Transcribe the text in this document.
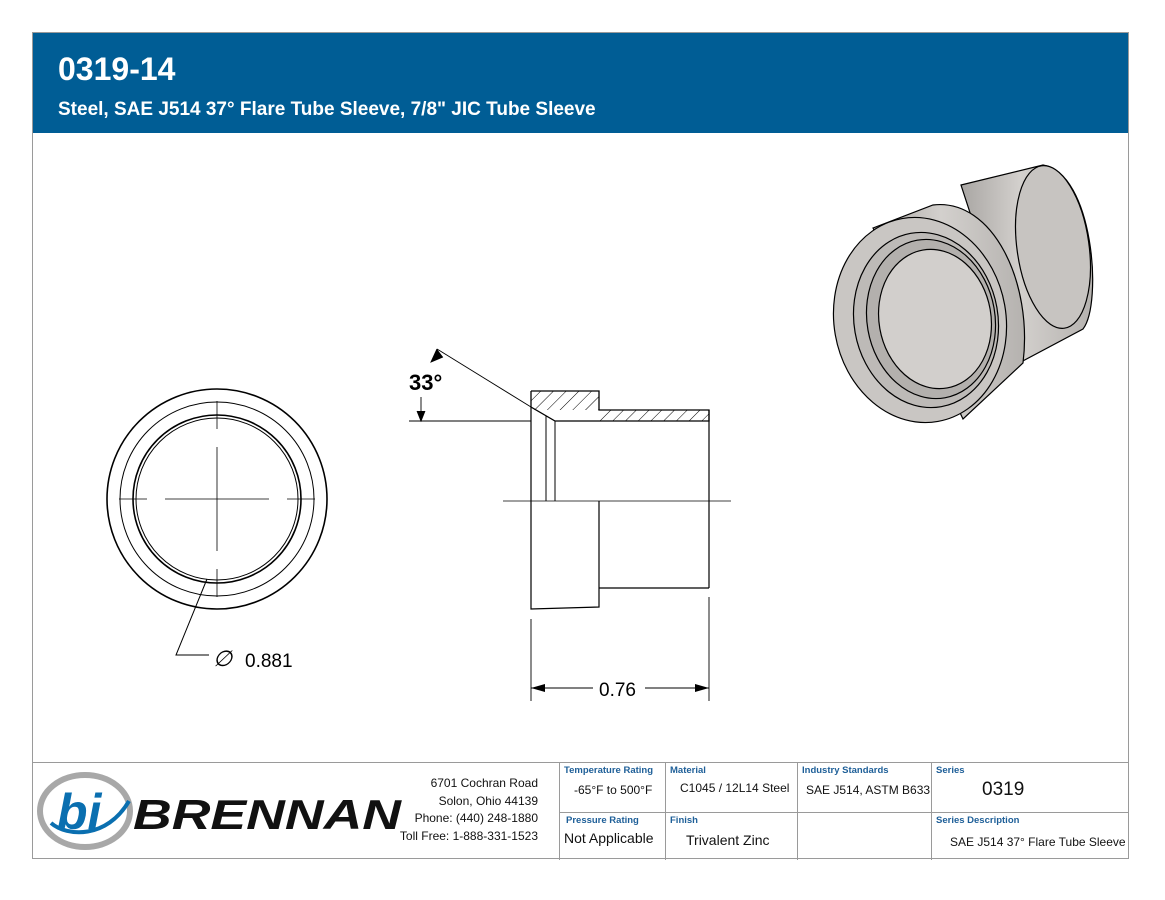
0319-14
Steel, SAE J514 37° Flare Tube Sleeve, 7/8" JIC Tube Sleeve
∅ 0.881
33°
0.76
bi BRENNAN
6701 Cochran Road
Solon, Ohio 44139
Phone: (440) 248-1880
Toll Free: 1-888-331-1523
Temperature Rating
-65°F to 500°F
Pressure Rating
Not Applicable
Material
C1045 / 12L14 Steel
Finish
Trivalent Zinc
Industry Standards
SAE J514, ASTM B633
Series
0319
Series Description
SAE J514 37° Flare Tube Sleeve
